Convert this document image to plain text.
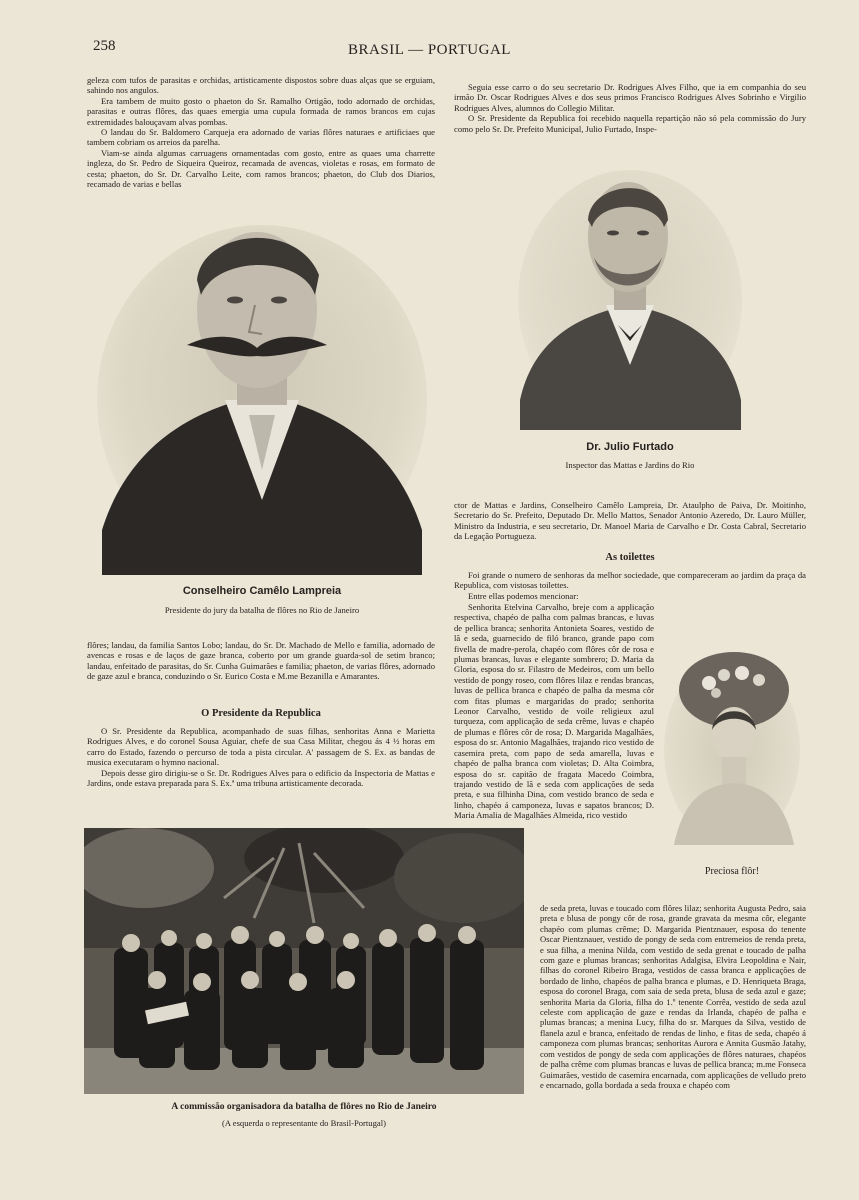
258	BRASIL — PORTUGAL

geleza com tufos de parasitas e orchidas, artisticamente dispostos sobre duas alças que se erguiam, sahindo nos angulos.

Era tambem de muito gosto o phaeton do Sr. Ramalho Ortigão, todo adornado de orchidas, parasitas e outras flôres, das quaes emergia uma cupula formada de ramos brancos em cujas extremidades balouçavam alvas pombas.

O landau do Sr. Baldomero Carqueja era adornado de varias flôres naturaes e artificiaes que tambem cobriam os arreios da parelha.

Viam-se ainda algumas carruagens ornamentadas com gosto, entre as quaes uma charrette ingleza, do Sr. Pedro de Siqueira Queiroz, recamada de avencas, violetas e rosas, em formato de cesta; phaeton, do Sr. Dr. Carvalho Leite, com ramos brancos; phaeton, do Club dos Diarios, recamado de varias e bellas

Seguia esse carro o do seu secretario Dr. Rodrigues Alves Filho, que ia em companhia do seu irmão Dr. Oscar Rodrigues Alves e dos seus primos Francisco Rodrigues Alves Sobrinho e Virgilio Rodrigues Alves, alumnos do Collegio Militar.

O Sr. Presidente da Republica foi recebido naquella repartição não só pela commissão do Jury como pelo Sr. Dr. Prefeito Municipal, Julio Furtado, Inspe-

Conselheiro Camêlo Lampreia
Presidente do jury da batalha de flôres no Rio de Janeiro
Dr. Julio Furtado
Inspector das Mattas e Jardins do Rio

flôres; landau, da familia Santos Lobo; landau, do Sr. Dr. Machado de Mello e familia, adornado de avencas e rosas e de laços de gaze branca, coberto por um grande guarda-sol de setim branco; landau, enfeitado de parasitas, do Sr. Cunha Guimarães e familia; phaeton, de varias flôres, adornado de gaze azul e branca, conduzindo o Sr. Eurico Costa e M.me Bezanilla e Amarantes.

O Presidente da Republica

O Sr. Presidente da Republica, acompanhado de suas filhas, senhoritas Anna e Marietta Rodrigues Alves, e do coronel Sousa Aguiar, chefe de sua Casa Militar, chegou ás 4 ½ horas em carro do Estado, fazendo o percurso de toda a pista circular. A' passagem de S. Ex. as bandas de musica executaram o hymno nacional.

Depois desse giro dirigiu-se o Sr. Dr. Rodrigues Alves para o edificio da Inspectoria de Mattas e Jardins, onde estava preparada para S. Ex.ª uma tribuna artisticamente decorada.

ctor de Mattas e Jardins, Conselheiro Camêlo Lampreia, Dr. Ataulpho de Paiva, Dr. Moitinho, Secretario do Sr. Prefeito, Deputado Dr. Mello Mattos, Senador Antonio Azeredo, Dr. Lauro Müller, Ministro da Industria, e seu secretario, Dr. Manoel Maria de Carvalho e Dr. Costa Cabral, Secretario da Legação Portugueza.

As toilettes

Foi grande o numero de senhoras da melhor sociedade, que compareceram ao jardim da praça da Republica, com vistosas toilettes.

Entre ellas podemos mencionar:

Senhorita Etelvina Carvalho, breje com a applicação respectiva, chapéo de palha com palmas brancas, e luvas de pellica branca; senhorita Antonieta Soares, vestido de lã e seda, guarnecido de filó branco, grande papo com fivella de madre-perola, chapéo com flôres côr de rosa e plumas brancas, luvas e elegante sombrero; D. Maria da Gloria, esposa do sr. Filastro de Medeiros, com um bello vestido de pongy roseo, com flôres lilaz e rendas brancas, luvas de pellica branca e chapéo de palha da mesma côr com fitas plumas e margaridas do prado; senhorita Leonor Carvalho, vestido de voile religieux azul turqueza, com applicação de seda crême, luvas e chapéo de plumas e flôres côr de rosa; D. Margarida Magalhães, esposa do sr. Antonio Magalhães, trajando rico vestido de casemira preta, com papo de seda amarella, luvas e chapéo de palha branca com violetas; D. Alta Coimbra, esposa do sr. capitão de fragata Macedo Coimbra, trajando vestido de lã e seda com applicações de seda preta, e sua filhinha Dina, com vestido branco de seda e linho, chapéo á camponeza, luvas e sapatos brancos; D. Maria Amalia de Magalhães Almeida, rico vestido

Preciosa flôr!

de seda preta, luvas e toucado com flôres lilaz; senhorita Augusta Pedro, saia preta e blusa de pongy côr de rosa, grande gravata da mesma côr, elegante chapéo com plumas crême; D. Margarida Pientznauer, esposa do tenente Oscar Pientznauer, vestido de pongy de seda com entremeios de renda preta, e sua filha, a menina Nilda, com vestido de seda grenat e toucado de palha com gaze e plumas brancas; senhoritas Adalgisa, Elvira Leopoldina e Nair, filhas do coronel Ribeiro Braga, vestidos de cassa branca e applicações de bordado de linho, chapéos de palha branca e plumas, e D. Henriqueta Braga, esposa do coronel Braga, com saia de seda preta, blusa de seda azul e gaze; senhorita Maria da Gloria, filha do 1.º tenente Corrêa, vestido de seda azul celeste com applicação de gaze e rendas da Irlanda, chapéo de palha e plumas brancas; a menina Lucy, filha do sr. Marques da Silva, vestido de flanela azul e branca, enfeitado de rendas de linho, e fitas de seda, chapéo á camponeza com plumas brancas; senhoritas Aurora e Annita Gusmão Jatahy, com vestidos de pongy de seda com applicações de flôres naturaes, chapéos de palha crême com plumas brancas e luvas de pellica branca; m.me Fonseca Guimarães, vestido de casemira encarnada, com applicações de velludo preto e encarnado, golla bordada a seda frouxa e chapéo com

A commissão organisadora da batalha de flôres no Rio de Janeiro
(A esquerda o representante do Brasil-Portugal)
